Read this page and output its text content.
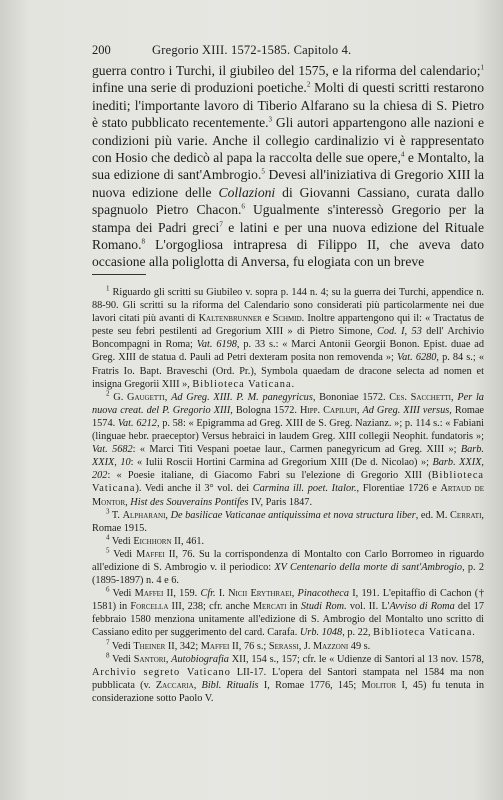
200	Gregorio XIII. 1572-1585. Capitolo 4.

guerra contro i Turchi, il giubileo del 1575, e la riforma del calendario;$^1$ infine una serie di produzioni poetiche.$^2$ Molti di questi scritti restarono inediti; l'importante lavoro di Tiberio Alfarano su la chiesa di S. Pietro è stato pubblicato recentemente.$^3$ Gli autori appartengono alle nazioni e condizioni più varie. Anche il collegio cardinalizio vi è rappresentato con Hosio che dedicò al papa la raccolta delle sue opere,$^4$ e Montalto, la sua edizione di sant'Ambrogio.$^5$ Devesi all'iniziativa di Gregorio XIII la nuova edizione delle Collazioni di Giovanni Cassiano, curata dallo spagnuolo Pietro Chacon.$^6$ Ugualmente s'interessò Gregorio per la stampa dei Padri greci$^7$ e latini e per una nuova edizione del Rituale Romano.$^8$ L'orgogliosa intrapresa di Filippo II, che aveva dato occasione alla poliglotta di Anversa, fu elogiata con un breve

$^1$ Riguardo gli scritti su Giubileo v. sopra p. 144 n. 4; su la guerra dei Turchi, appendice n. 88-90. Gli scritti su la riforma del Calendario sono considerati più particolarmente nei due lavori citati più avanti di Kaltenbrunner e Schmid. Inoltre appartengono qui il: « Tractatus de peste seu febri pestilenti ad Gregorium XIII » di Pietro Simone, Cod. I, 53 dell' Archivio Boncompagni in Roma; Vat. 6198, p. 33 s.: « Marci Antonii Georgii Bonon. Epist. duae ad Greg. XIII de statua d. Pauli ad Petri dexteram posita non removenda »; Vat. 6280, p. 84 s.; « Fratris Io. Bapt. Braveschi (Ord. Pr.), Symbola quaedam de dracone selecta ad nomen et insigna Gregorii XIII », Biblioteca Vaticana.

$^2$ G. Gaugetti, Ad Greg. XIII. P. M. panegyricus, Bononiae 1572. Ces. Sacchetti, Per la nuova creat. del P. Gregorio XIII, Bologna 1572. Hipp. Capilupi, Ad Greg. XIII versus, Romae 1574. Vat. 6212, p. 58: « Epigramma ad Greg. XIII de S. Greg. Nazianz. »; p. 114 s.: « Fabiani (linguae hebr. praeceptor) Versus hebraici in laudem Greg. XIII collegii Neophit. fundatoris »; Vat. 5682: « Marci Titi Vespani poetae laur., Carmen panegyricum ad Greg. XIII »; Barb. XXIX, 10: « Iulii Roscii Hortini Carmina ad Gregorium XIII (De d. Nicolao) »; Barb. XXIX, 202: « Poesie italiane, di Giacomo Fabri su l'elezione di Gregorio XIII (Biblioteca Vaticana). Vedi anche il 3° vol. dei Carmina ill. poet. Italor., Florentiae 1726 e Artaud de Montor, Hist des Souverains Pontifes IV, Paris 1847.

$^3$ T. Alpharani, De basilicae Vaticanae antiquissima et nova structura liber, ed. M. Cerrati, Romae 1915.

$^4$ Vedi Eichhorn II, 461.

$^5$ Vedi Maffei II, 76. Su la corrispondenza di Montalto con Carlo Borromeo in riguardo all'edizione di S. Ambrogio v. il periodico: XV Centenario della morte di sant'Ambrogio, p. 2 (1895-1897) n. 4 e 6.

$^6$ Vedi Maffei II, 159. Cfr. I. Nicii Erythraei, Pinacotheca I, 191. L'epitaffio di Cachon († 1581) in Forcella III, 238; cfr. anche Mercati in Studi Rom. vol. II. L'Avviso di Roma del 17 febbraio 1580 menziona unitamente all'edizione di S. Ambrogio del Montalto uno scritto di Cassiano edito per suggerimento del card. Carafa. Urb. 1048, p. 22, Biblioteca Vaticana.

$^7$ Vedi Theiner II, 342; Maffei II, 76 s.; Serassi, J. Mazzoni 49 s.

$^8$ Vedi Santori, Autobiografia XII, 154 s., 157; cfr. le « Udienze di Santori al 13 nov. 1578, Archivio segreto Vaticano LII-17. L'opera del Santori stampata nel 1584 ma non pubblicata (v. Zaccaria, Bibl. Ritualis I, Romae 1776, 145; Molitor I, 45) fu tenuta in considerazione sotto Paolo V.
